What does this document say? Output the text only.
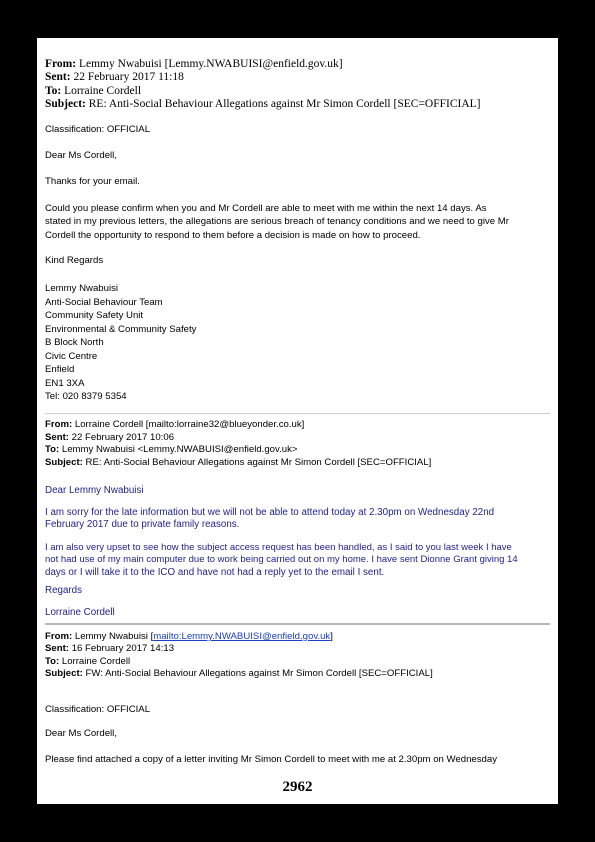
From: Lemmy Nwabuisi [Lemmy.NWABUISI@enfield.gov.uk]
Sent: 22 February 2017 11:18
To: Lorraine Cordell
Subject: RE: Anti-Social Behaviour Allegations against Mr Simon Cordell [SEC=OFFICIAL]
Classification: OFFICIAL
Dear Ms Cordell,
Thanks for your email.
Could you please confirm when you and Mr Cordell are able to meet with me within the next 14 days. As
stated in my previous letters, the allegations are serious breach of tenancy conditions and we need to give Mr
Cordell the opportunity to respond to them before a decision is made on how to proceed.
Kind Regards
Lemmy Nwabuisi
Anti-Social Behaviour Team
Community Safety Unit
Environmental & Community Safety
B Block North
Civic Centre
Enfield
EN1 3XA
Tel: 020 8379 5354
From: Lorraine Cordell [mailto:lorraine32@blueyonder.co.uk]
Sent: 22 February 2017 10:06
To: Lemmy Nwabuisi <Lemmy.NWABUISI@enfield.gov.uk>
Subject: RE: Anti-Social Behaviour Allegations against Mr Simon Cordell [SEC=OFFICIAL]
Dear Lemmy Nwabuisi
I am sorry for the late information but we will not be able to attend today at 2.30pm on Wednesday 22nd
February 2017 due to private family reasons.
I am also very upset to see how the subject access request has been handled, as I said to you last week I have
not had use of my main computer due to work being carried out on my home. I have sent Dionne Grant giving 14
days or I will take it to the ICO and have not had a reply yet to the email I sent.
Regards
Lorraine Cordell
From: Lemmy Nwabuisi [mailto:Lemmy.NWABUISI@enfield.gov.uk]
Sent: 16 February 2017 14:13
To: Lorraine Cordell
Subject: FW: Anti-Social Behaviour Allegations against Mr Simon Cordell [SEC=OFFICIAL]
Classification: OFFICIAL
Dear Ms Cordell,
Please find attached a copy of a letter inviting Mr Simon Cordell to meet with me at 2.30pm on Wednesday
2962
